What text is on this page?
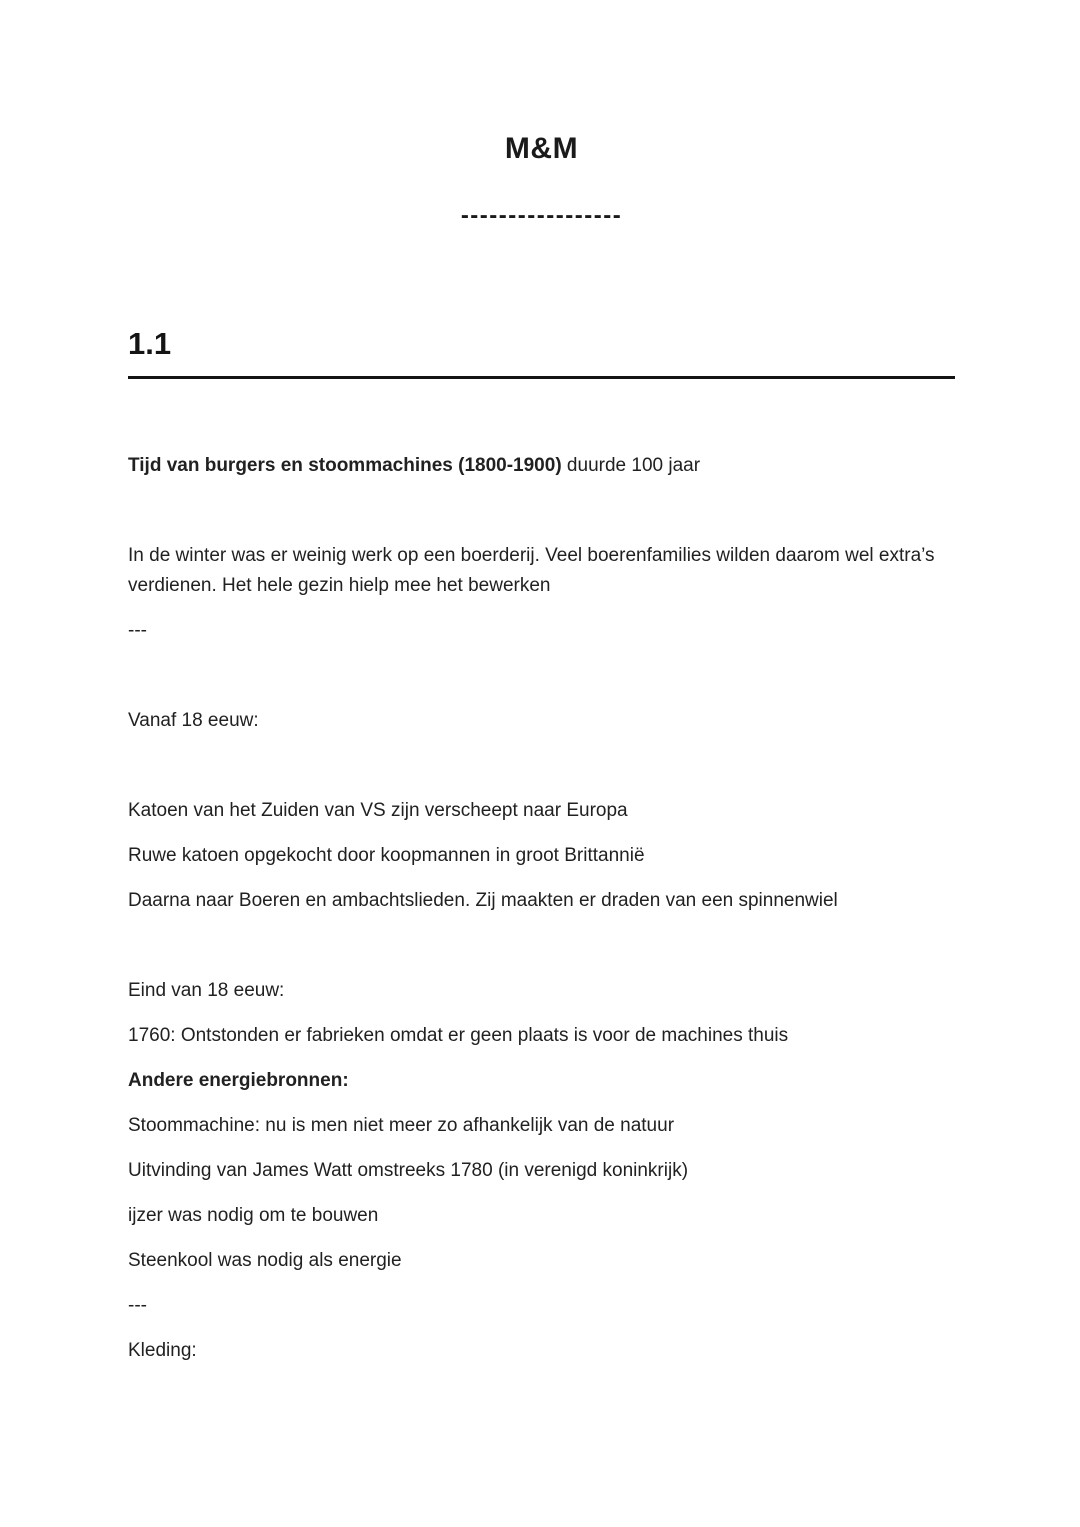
M&M
-----------------
1.1

Tijd van burgers en stoommachines (1800-1900) duurde 100 jaar

In de winter was er weinig werk op een boerderij. Veel boerenfamilies wilden daarom wel extra’s verdienen. Het hele gezin hielp mee het bewerken

---

Vanaf 18 eeuw:

Katoen van het Zuiden van VS zijn verscheept naar Europa

Ruwe katoen opgekocht door koopmannen in groot Brittannië

Daarna naar Boeren en ambachtslieden. Zij maakten er draden van een spinnenwiel

Eind van 18 eeuw:

1760: Ontstonden er fabrieken omdat er geen plaats is voor de machines thuis

Andere energiebronnen:

Stoommachine: nu is men niet meer zo afhankelijk van de natuur

Uitvinding van James Watt omstreeks 1780 (in verenigd koninkrijk)

ijzer was nodig om te bouwen

Steenkool was nodig als energie

---

Kleding:
